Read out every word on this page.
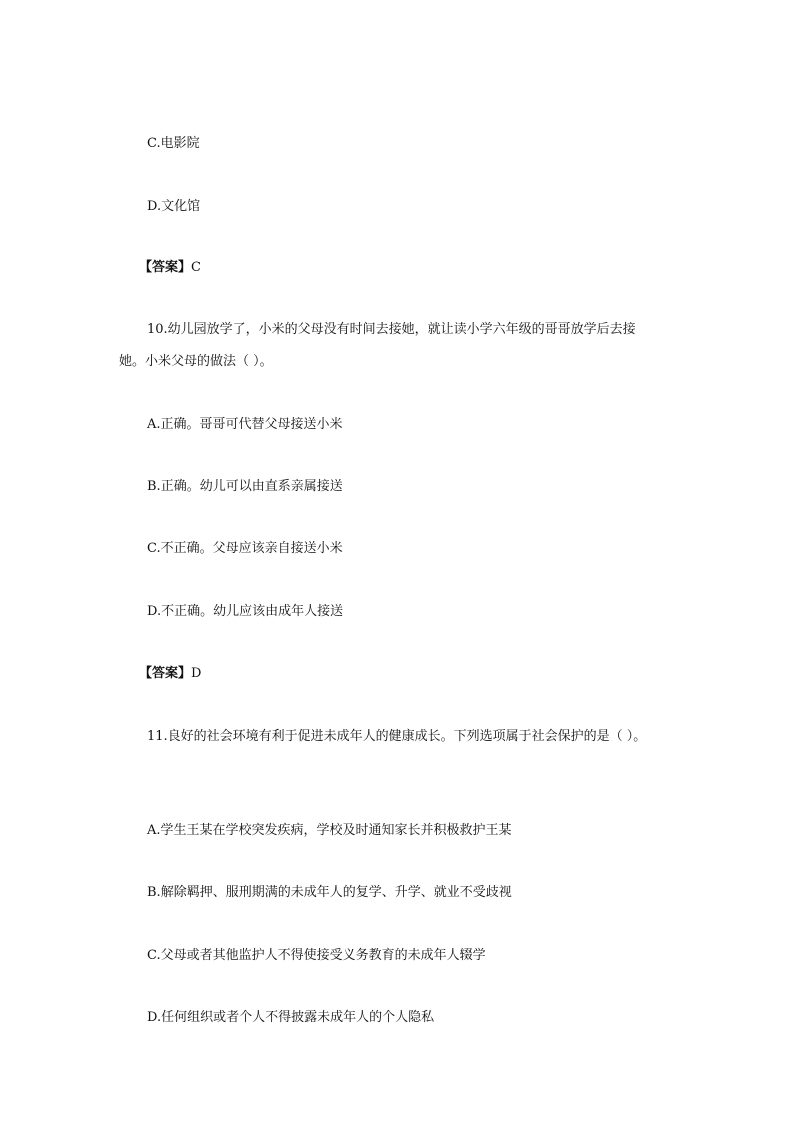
C.电影院
D.文化馆
【答案】C
10.幼儿园放学了，小米的父母没有时间去接她，就让读小学六年级的哥哥放学后去接
她。小米父母的做法（ ）。
A.正确。哥哥可代替父母接送小米
B.正确。幼儿可以由直系亲属接送
C.不正确。父母应该亲自接送小米
D.不正确。幼儿应该由成年人接送
【答案】D
11.良好的社会环境有利于促进未成年人的健康成长。下列选项属于社会保护的是（ ）。
A.学生王某在学校突发疾病，学校及时通知家长并积极救护王某
B.解除羁押、服刑期满的未成年人的复学、升学、就业不受歧视
C.父母或者其他监护人不得使接受义务教育的未成年人辍学
D.任何组织或者个人不得披露未成年人的个人隐私
